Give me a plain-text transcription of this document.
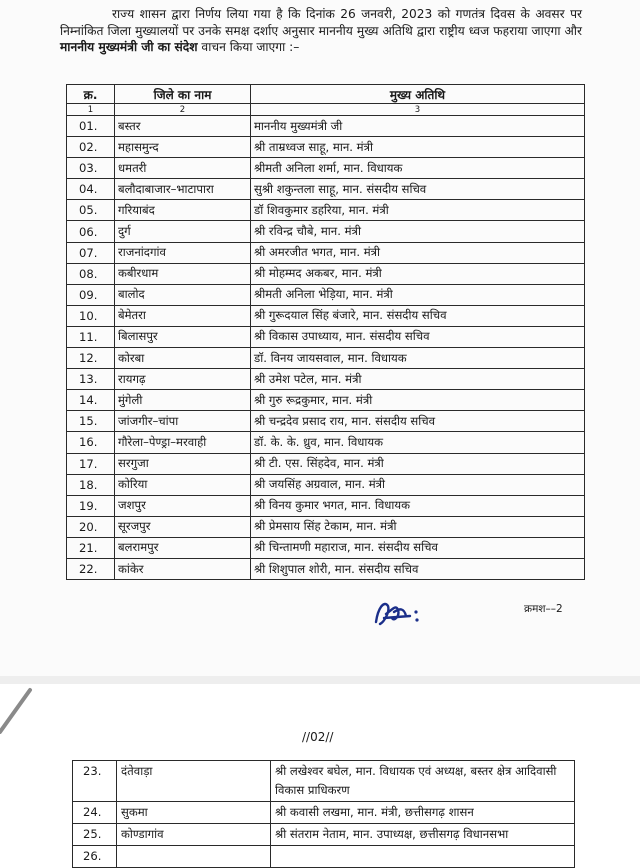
राज्य शासन द्वारा निर्णय लिया गया है कि दिनांक 26 जनवरी, 2023 को गणतंत्र दिवस के अवसर पर निम्नांकित जिला मुख्यालयों पर उनके समक्ष दर्शाए अनुसार माननीय मुख्य अतिथि द्वारा राष्ट्रीय ध्वज फहराया जाएगा और माननीय मुख्यमंत्री जी का संदेश वाचन किया जाएगा :–

क्र.	जिले का नाम	मुख्य अतिथि
1	2	3
01.	बस्तर	माननीय मुख्यमंत्री जी
02.	महासमुन्द	श्री ताम्रध्वज साहू, मान. मंत्री
03.	धमतरी	श्रीमती अनिला शर्मा, मान. विधायक
04.	बलौदाबाजार–भाटापारा	सुश्री शकुन्तला साहू, मान. संसदीय सचिव
05.	गरियाबंद	डॉ शिवकुमार डहरिया, मान. मंत्री
06.	दुर्ग	श्री रविन्द्र चौबे, मान. मंत्री
07.	राजनांदगांव	श्री अमरजीत भगत, मान. मंत्री
08.	कबीरधाम	श्री मोहम्मद अकबर, मान. मंत्री
09.	बालोद	श्रीमती अनिला भेड़िया, मान. मंत्री
10.	बेमेतरा	श्री गुरूदयाल सिंह बंजारे, मान. संसदीय सचिव
11.	बिलासपुर	श्री विकास उपाध्याय, मान. संसदीय सचिव
12.	कोरबा	डॉ. विनय जायसवाल, मान. विधायक
13.	रायगढ़	श्री उमेश पटेल, मान. मंत्री
14.	मुंगेली	श्री गुरु रूद्रकुमार, मान. मंत्री
15.	जांजगीर–चांपा	श्री चन्द्रदेव प्रसाद राय, मान. संसदीय सचिव
16.	गौरेला–पेण्ड्रा–मरवाही	डॉ. के. के. ध्रुव, मान. विधायक
17.	सरगुजा	श्री टी. एस. सिंहदेव, मान. मंत्री
18.	कोरिया	श्री जयसिंह अग्रवाल, मान. मंत्री
19.	जशपुर	श्री विनय कुमार भगत, मान. विधायक
20.	सूरजपुर	श्री प्रेमसाय सिंह टेकाम, मान. मंत्री
21.	बलरामपुर	श्री चिन्तामणी महाराज, मान. संसदीय सचिव
22.	कांकेर	श्री शिशुपाल शोरी, मान. संसदीय सचिव
क्रमश––2
//02//
23.	दंतेवाड़ा	श्री लखेश्वर बघेल, मान. विधायक एवं अध्यक्ष, बस्तर क्षेत्र आदिवासी विकास प्राधिकरण
24.	सुकमा	श्री कवासी लखमा, मान. मंत्री, छत्तीसगढ़ शासन
25.	कोण्डागांव	श्री संतराम नेताम, मान. उपाध्यक्ष, छत्तीसगढ़ विधानसभा
26.		
